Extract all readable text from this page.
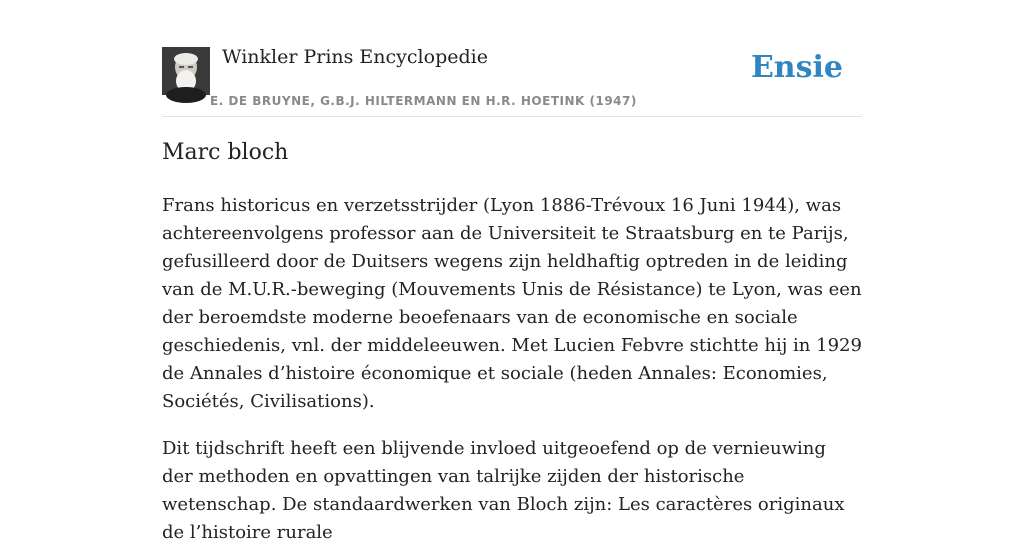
Winkler Prins Encyclopedie
E. DE BRUYNE, G.B.J. HILTERMANN EN H.R. HOETINK (1947)
Ensie
Marc bloch

Frans historicus en verzetsstrijder (Lyon 1886-Trévoux 16 Juni 1944), was achtereenvolgens professor aan de Universiteit te Straatsburg en te Parijs, gefusilleerd door de Duitsers wegens zijn heldhaftig optreden in de leiding van de M.U.R.-beweging (Mouvements Unis de Résistance) te Lyon, was een der beroemdste moderne beoefenaars van de economische en sociale geschiedenis, vnl. der middeleeuwen. Met Lucien Febvre stichtte hij in 1929 de Annales d’histoire économique et sociale (heden Annales: Economies, Sociétés, Civilisations).

Dit tijdschrift heeft een blijvende invloed uitgeoefend op de vernieuwing der methoden en opvattingen van talrijke zijden der historische wetenschap. De standaardwerken van Bloch zijn: Les caractères originaux de l’histoire rurale
